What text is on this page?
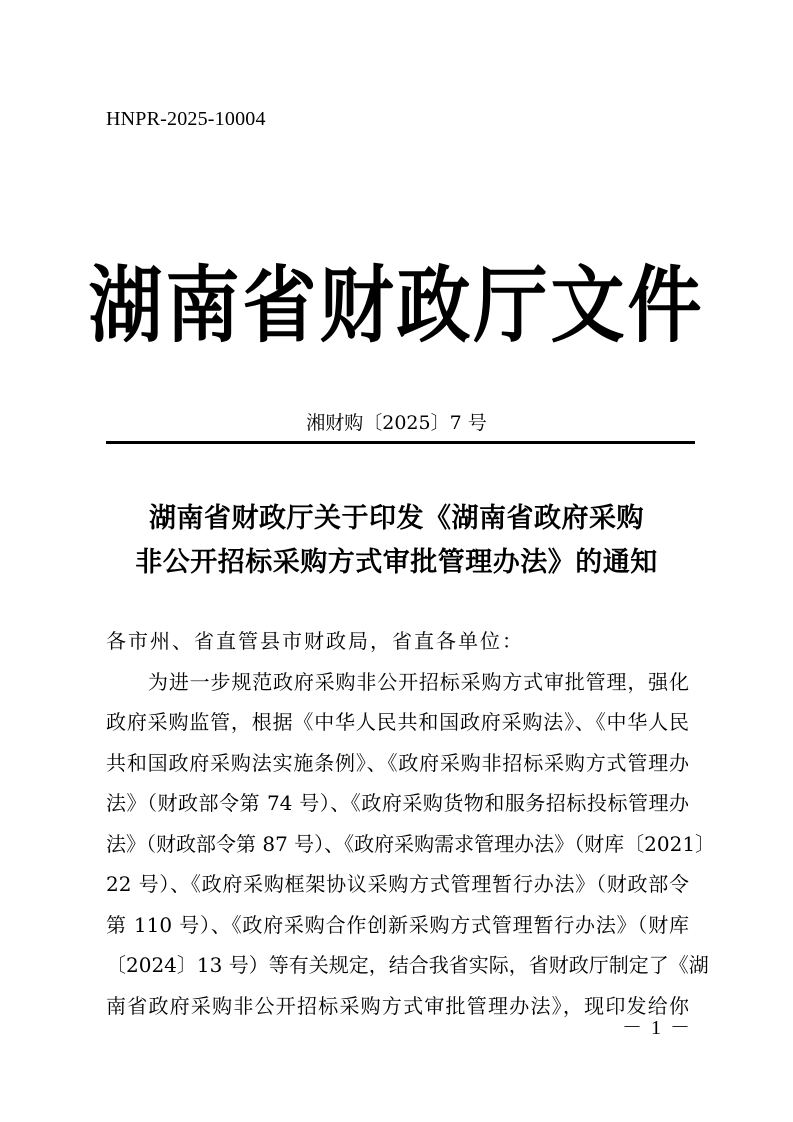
HNPR-2025-10004
湖南省财政厅文件
湘财购〔2025〕7 号
湖南省财政厅关于印发《湖南省政府采购
非公开招标采购方式审批管理办法》的通知

各市州、省直管县市财政局，省直各单位：

为进一步规范政府采购非公开招标采购方式审批管理，强化
政府采购监管，根据《中华人民共和国政府采购法》、《中华人民
共和国政府采购法实施条例》、《政府采购非招标采购方式管理办
法》（财政部令第 74 号）、《政府采购货物和服务招标投标管理办
法》（财政部令第 87 号）、《政府采购需求管理办法》（财库〔2021〕
22 号）、《政府采购框架协议采购方式管理暂行办法》（财政部令
第 110 号）、《政府采购合作创新采购方式管理暂行办法》（财库
〔2024〕13 号）等有关规定，结合我省实际，省财政厅制定了《湖
南省政府采购非公开招标采购方式审批管理办法》，现印发给你
－ 1 －
